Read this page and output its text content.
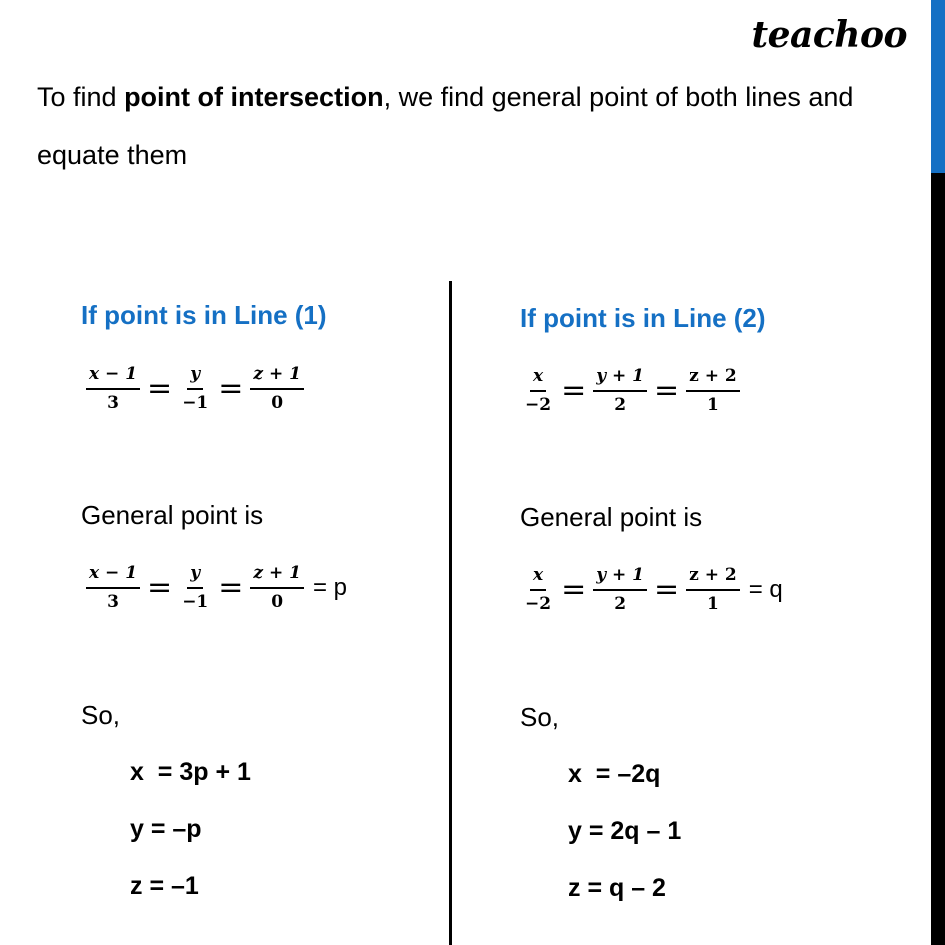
teachoo
To find point of intersection, we find general point of both lines and equate them
If point is in Line (1)
$\frac{x - 1}{3} = \frac{y}{-1} = \frac{z + 1}{0}$
General point is
$\frac{x - 1}{3} = \frac{y}{-1} = \frac{z + 1}{0} = p$
So,
x  = 3p + 1
y = –p
z = –1
If point is in Line (2)
$\frac{x}{-2} = \frac{y + 1}{2} = \frac{z + 2}{1}$
General point is
$\frac{x}{-2} = \frac{y + 1}{2} = \frac{z + 2}{1} = q$
So,
x  = –2q
y = 2q – 1
z = q – 2
